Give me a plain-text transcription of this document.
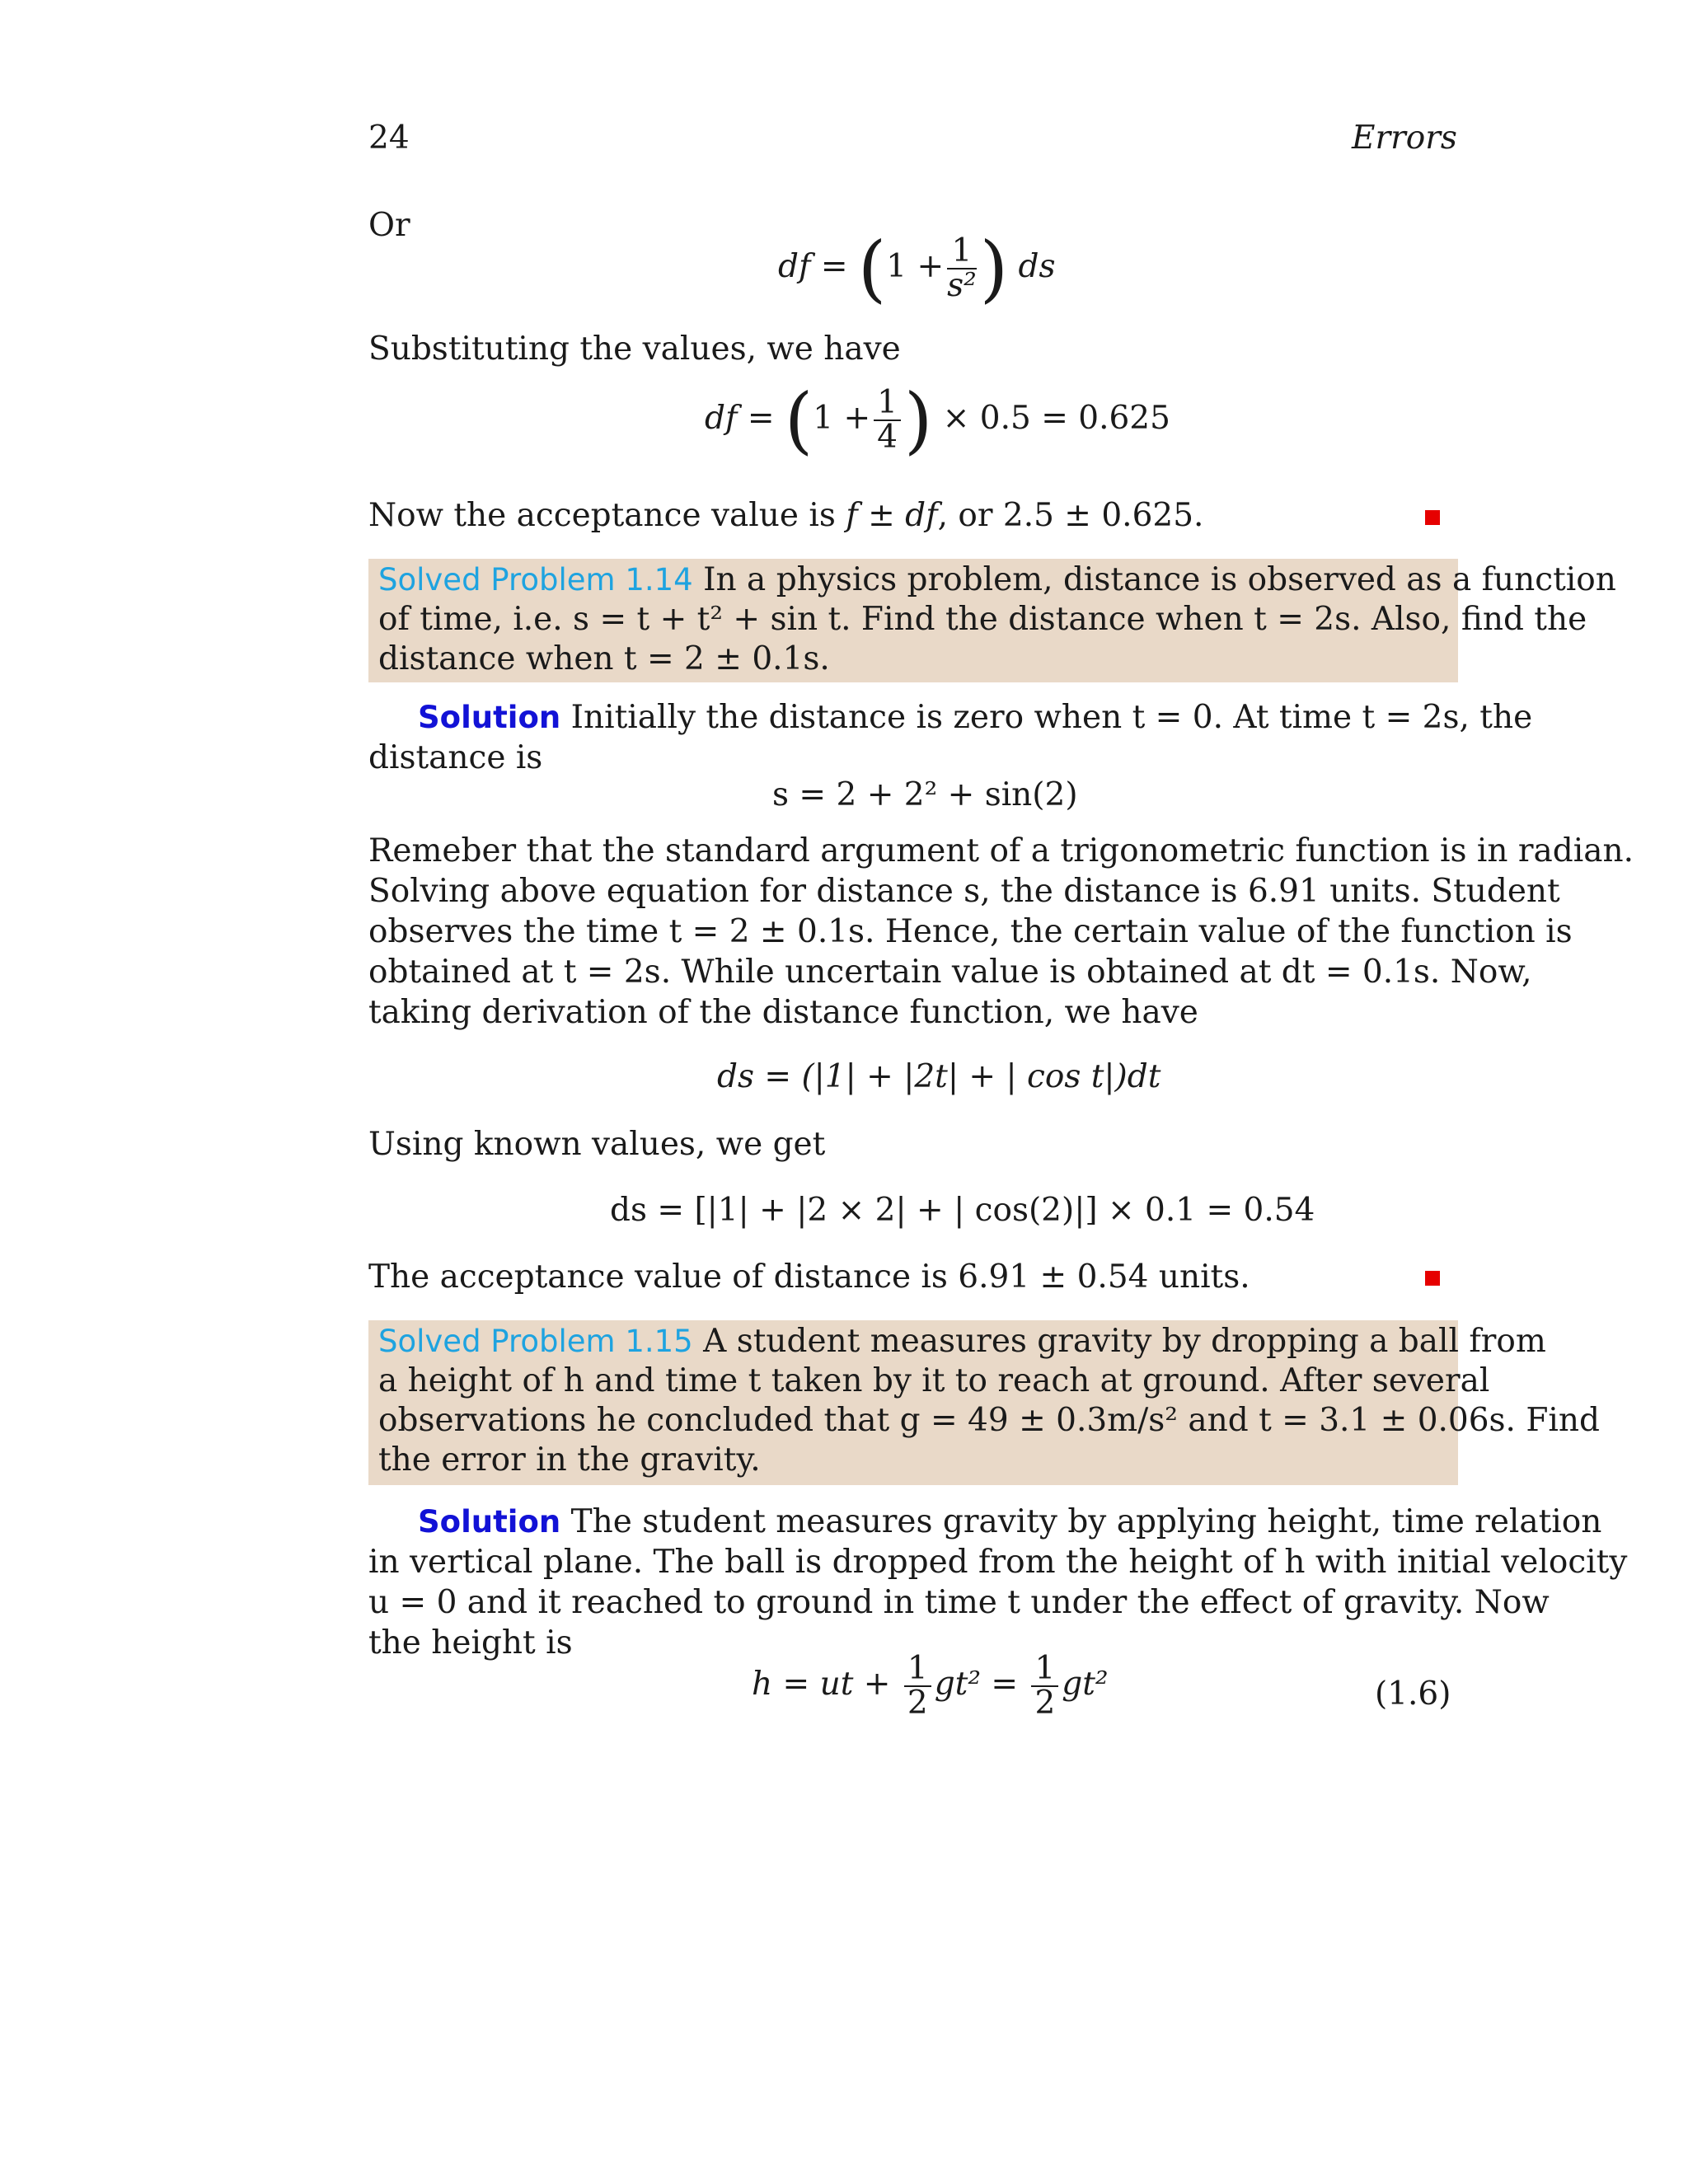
24	Errors
Or
df = ($1 + \frac{1}{\text{s²}}$ ) ds
Substituting the values, we have
df = ($1 + \frac{1}{4}$ ) × 0.5 = 0.625
Now the acceptance value is f ± df, or 2.5 ± 0.625.
Solved Problem 1.14 In a physics problem, distance is observed as a function
of time, i.e. s = t + t² + sin t. Find the distance when t = 2s. Also, find the
distance when t = 2 ± 0.1s.
Solution Initially the distance is zero when t = 0. At time t = 2s, the
distance is
s = 2 + 2² + sin(2)
Remeber that the standard argument of a trigonometric function is in radian.
Solving above equation for distance s, the distance is 6.91 units. Student
observes the time t = 2 ± 0.1s. Hence, the certain value of the function is
obtained at t = 2s. While uncertain value is obtained at dt = 0.1s. Now,
taking derivation of the distance function, we have
ds = (|1| + |2t| + | cos t|)dt
Using known values, we get
ds = [|1| + |2 × 2| + | cos(2)|] × 0.1 = 0.54
The acceptance value of distance is 6.91 ± 0.54 units.
Solved Problem 1.15 A student measures gravity by dropping a ball from
a height of h and time t taken by it to reach at ground. After several
observations he concluded that g = 49 ± 0.3m/s² and t = 3.1 ± 0.06s. Find
the error in the gravity.
Solution The student measures gravity by applying height, time relation
in vertical plane. The ball is dropped from the height of h with initial velocity
u = 0 and it reached to ground in time t under the effect of gravity. Now
the height is
h = ut + $\frac{1}{2} gt^2 = \frac{1}{2} gt^2$	(1.6)
